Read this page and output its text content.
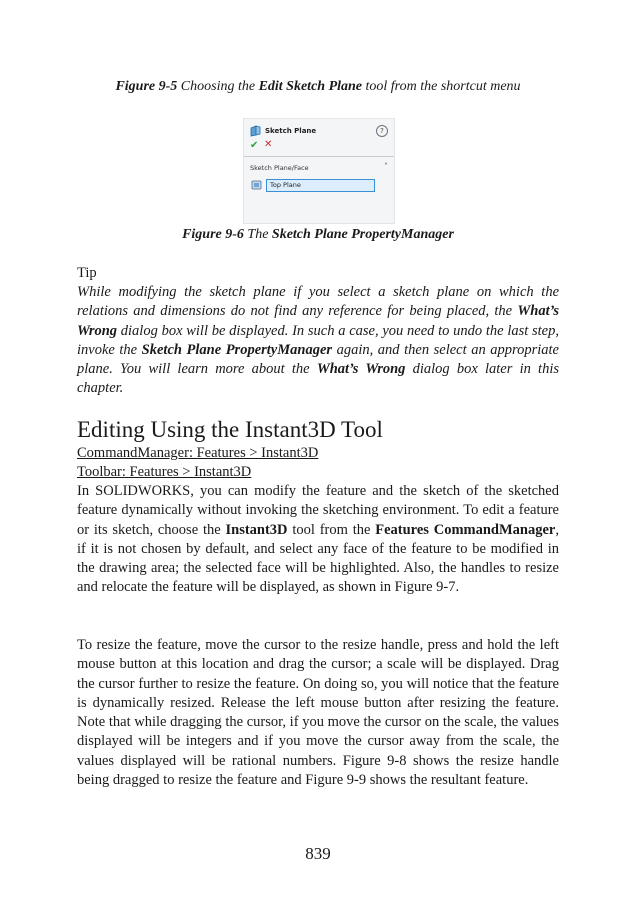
Figure 9-5 Choosing the Edit Sketch Plane tool from the shortcut menu
Sketch Plane	?
✔ ✕
Sketch Plane/Face	˄
Top Plane
Figure 9-6 The Sketch Plane PropertyManager
Tip
While modifying the sketch plane if you select a sketch plane on which the relations and dimensions do not find any reference for being placed, the What’s Wrong dialog box will be displayed. In such a case, you need to undo the last step, invoke the Sketch Plane PropertyManager again, and then select an appropriate plane. You will learn more about the What’s Wrong dialog box later in this chapter.
Editing Using the Instant3D Tool
CommandManager: Features > Instant3D
Toolbar: Features > Instant3D
In SOLIDWORKS, you can modify the feature and the sketch of the sketched feature dynamically without invoking the sketching environment. To edit a feature or its sketch, choose the Instant3D tool from the Features CommandManager, if it is not chosen by default, and select any face of the feature to be modified in the drawing area; the selected face will be highlighted. Also, the handles to resize and relocate the feature will be displayed, as shown in Figure 9-7.
To resize the feature, move the cursor to the resize handle, press and hold the left mouse button at this location and drag the cursor; a scale will be displayed. Drag the cursor further to resize the feature. On doing so, you will notice that the feature is dynamically resized. Release the left mouse button after resizing the feature. Note that while dragging the cursor, if you move the cursor on the scale, the values displayed will be integers and if you move the cursor away from the scale, the values displayed will be rational numbers. Figure 9-8 shows the resize handle being dragged to resize the feature and Figure 9-9 shows the resultant feature.
839
